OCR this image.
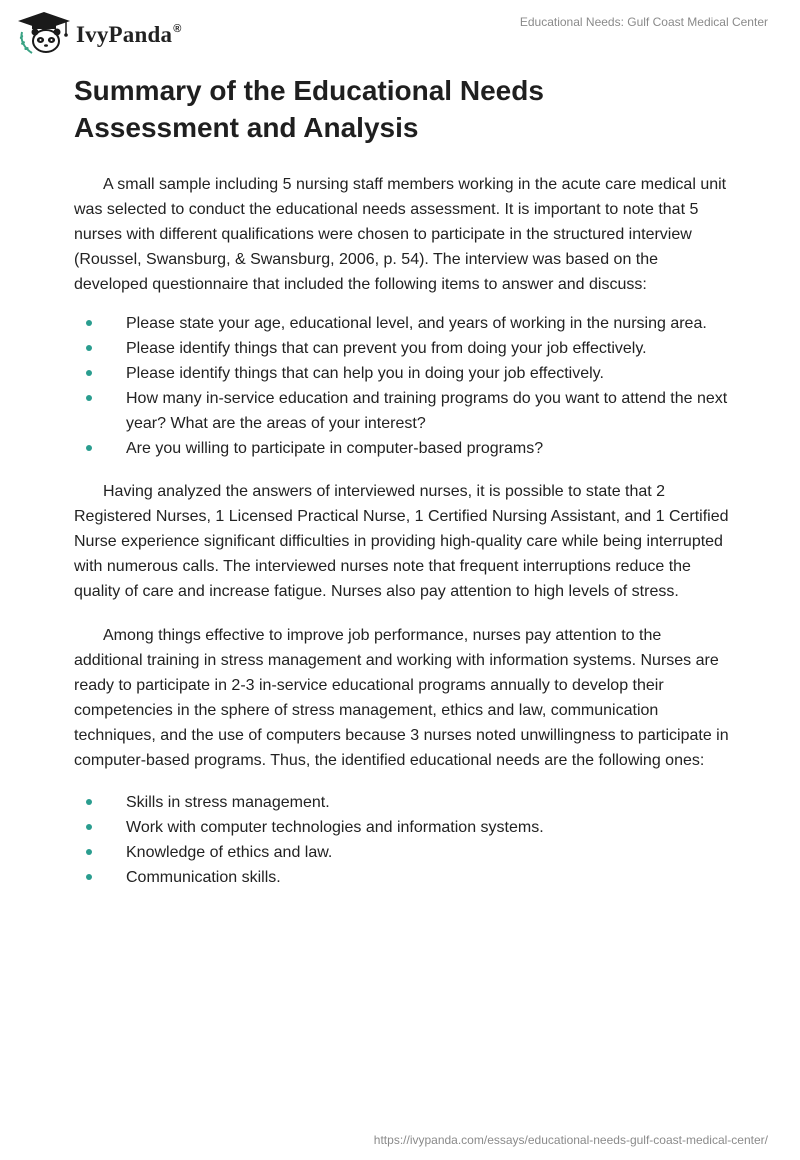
IvyPanda®	Educational Needs: Gulf Coast Medical Center
Summary of the Educational Needs Assessment and Analysis

A small sample including 5 nursing staff members working in the acute care medical unit was selected to conduct the educational needs assessment. It is important to note that 5 nurses with different qualifications were chosen to participate in the structured interview (Roussel, Swansburg, & Swansburg, 2006, p. 54). The interview was based on the developed questionnaire that included the following items to answer and discuss:

Please state your age, educational level, and years of working in the nursing area.
Please identify things that can prevent you from doing your job effectively.
Please identify things that can help you in doing your job effectively.
How many in-service education and training programs do you want to attend the next year? What are the areas of your interest?
Are you willing to participate in computer-based programs?

Having analyzed the answers of interviewed nurses, it is possible to state that 2 Registered Nurses, 1 Licensed Practical Nurse, 1 Certified Nursing Assistant, and 1 Certified Nurse experience significant difficulties in providing high-quality care while being interrupted with numerous calls. The interviewed nurses note that frequent interruptions reduce the quality of care and increase fatigue. Nurses also pay attention to high levels of stress.

Among things effective to improve job performance, nurses pay attention to the additional training in stress management and working with information systems. Nurses are ready to participate in 2-3 in-service educational programs annually to develop their competencies in the sphere of stress management, ethics and law, communication techniques, and the use of computers because 3 nurses noted unwillingness to participate in computer-based programs. Thus, the identified educational needs are the following ones:

Skills in stress management.
Work with computer technologies and information systems.
Knowledge of ethics and law.
Communication skills.
https://ivypanda.com/essays/educational-needs-gulf-coast-medical-center/
